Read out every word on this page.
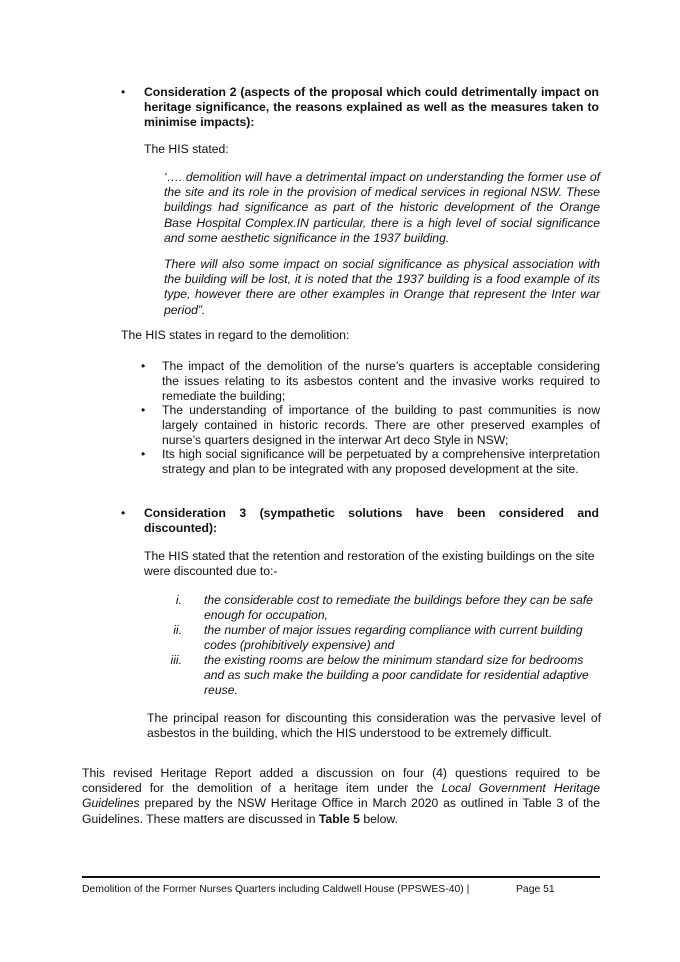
• Consideration 2 (aspects of the proposal which could detrimentally impact on heritage significance, the reasons explained as well as the measures taken to minimise impacts):
The HIS stated:
‘…. demolition will have a detrimental impact on understanding the former use of the site and its role in the provision of medical services in regional NSW. These buildings had significance as part of the historic development of the Orange Base Hospital Complex.IN particular, there is a high level of social significance and some aesthetic significance in the 1937 building.
There will also some impact on social significance as physical association with the building will be lost, it is noted that the 1937 building is a food example of its type, however there are other examples in Orange that represent the Inter war period”.
The HIS states in regard to the demolition:
• The impact of the demolition of the nurse’s quarters is acceptable considering the issues relating to its asbestos content and the invasive works required to remediate the building;
• The understanding of importance of the building to past communities is now largely contained in historic records. There are other preserved examples of nurse’s quarters designed in the interwar Art deco Style in NSW;
• Its high social significance will be perpetuated by a comprehensive interpretation strategy and plan to be integrated with any proposed development at the site.
• Consideration 3 (sympathetic solutions have been considered and discounted):
The HIS stated that the retention and restoration of the existing buildings on the site were discounted due to:-
i. the considerable cost to remediate the buildings before they can be safe enough for occupation,
ii. the number of major issues regarding compliance with current building codes (prohibitively expensive) and
iii. the existing rooms are below the minimum standard size for bedrooms and as such make the building a poor candidate for residential adaptive reuse.
The principal reason for discounting this consideration was the pervasive level of asbestos in the building, which the HIS understood to be extremely difficult.
This revised Heritage Report added a discussion on four (4) questions required to be considered for the demolition of a heritage item under the Local Government Heritage Guidelines prepared by the NSW Heritage Office in March 2020 as outlined in Table 3 of the Guidelines. These matters are discussed in Table 5 below.
Demolition of the Former Nurses Quarters including Caldwell House (PPSWES-40) |	Page 51
